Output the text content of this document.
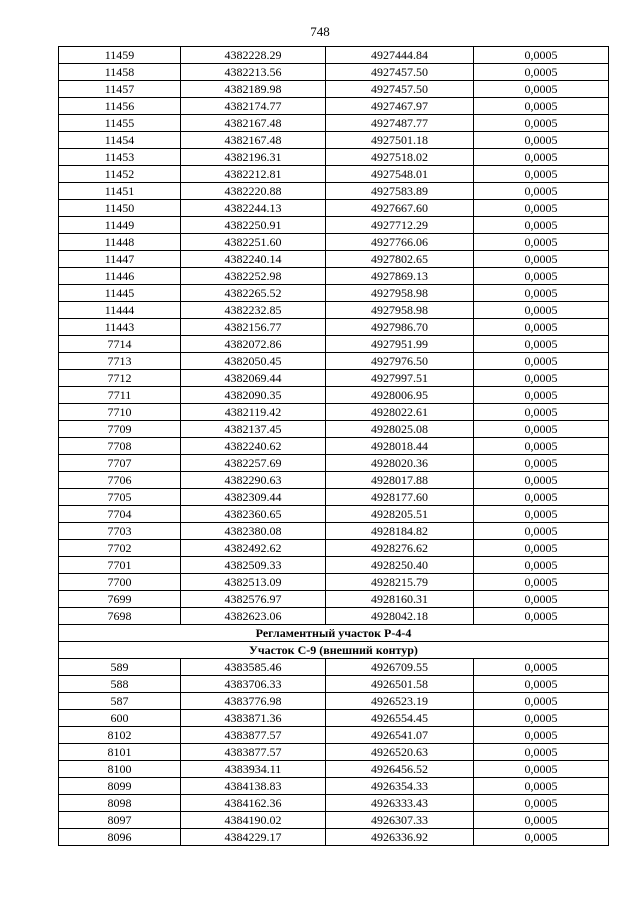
748
11459	4382228.29	4927444.84	0,0005
11458	4382213.56	4927457.50	0,0005
11457	4382189.98	4927457.50	0,0005
11456	4382174.77	4927467.97	0,0005
11455	4382167.48	4927487.77	0,0005
11454	4382167.48	4927501.18	0,0005
11453	4382196.31	4927518.02	0,0005
11452	4382212.81	4927548.01	0,0005
11451	4382220.88	4927583.89	0,0005
11450	4382244.13	4927667.60	0,0005
11449	4382250.91	4927712.29	0,0005
11448	4382251.60	4927766.06	0,0005
11447	4382240.14	4927802.65	0,0005
11446	4382252.98	4927869.13	0,0005
11445	4382265.52	4927958.98	0,0005
11444	4382232.85	4927958.98	0,0005
11443	4382156.77	4927986.70	0,0005
7714	4382072.86	4927951.99	0,0005
7713	4382050.45	4927976.50	0,0005
7712	4382069.44	4927997.51	0,0005
7711	4382090.35	4928006.95	0,0005
7710	4382119.42	4928022.61	0,0005
7709	4382137.45	4928025.08	0,0005
7708	4382240.62	4928018.44	0,0005
7707	4382257.69	4928020.36	0,0005
7706	4382290.63	4928017.88	0,0005
7705	4382309.44	4928177.60	0,0005
7704	4382360.65	4928205.51	0,0005
7703	4382380.08	4928184.82	0,0005
7702	4382492.62	4928276.62	0,0005
7701	4382509.33	4928250.40	0,0005
7700	4382513.09	4928215.79	0,0005
7699	4382576.97	4928160.31	0,0005
7698	4382623.06	4928042.18	0,0005
Регламентный участок Р-4-4			
Участок С-9 (внешний контур)			
589	4383585.46	4926709.55	0,0005
588	4383706.33	4926501.58	0,0005
587	4383776.98	4926523.19	0,0005
600	4383871.36	4926554.45	0,0005
8102	4383877.57	4926541.07	0,0005
8101	4383877.57	4926520.63	0,0005
8100	4383934.11	4926456.52	0,0005
8099	4384138.83	4926354.33	0,0005
8098	4384162.36	4926333.43	0,0005
8097	4384190.02	4926307.33	0,0005
8096	4384229.17	4926336.92	0,0005
